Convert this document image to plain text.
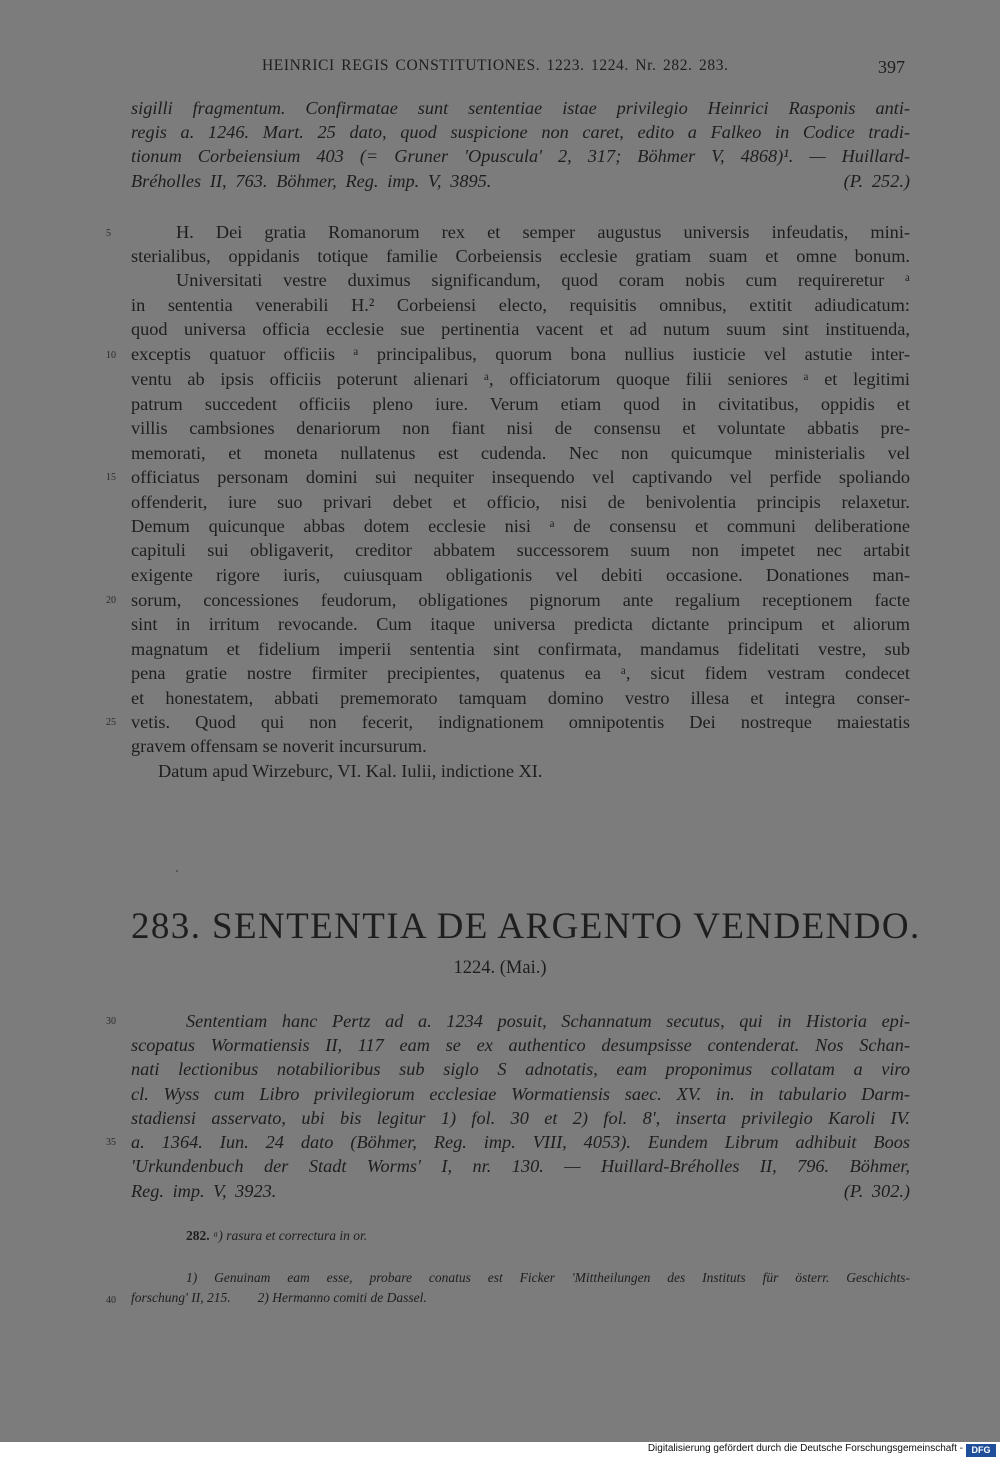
HEINRICI REGIS CONSTITUTIONES. 1223. 1224. Nr. 282. 283.	397
sigilli fragmentum. Confirmatae sunt sententiae istae privilegio Heinrici Rasponis anti-
regis a. 1246. Mart. 25 dato, quod suspicione non caret, edito a Falkeo in Codice tradi-
tionum Corbeiensium 403 (= Gruner 'Opuscula' 2, 317; Böhmer V, 4868)¹. — Huillard-
Bréholles II, 763. Böhmer, Reg. imp. V, 3895.                                        (P. 252.)
H. Dei gratia Romanorum rex et semper augustus universis infeudatis, mini-
sterialibus, oppidanis totique familie Corbeiensis ecclesie gratiam suam et omne bonum.
Universitati vestre duximus significandum, quod coram nobis cum requireretur ᵃ
in sententia venerabili H.² Corbeiensi electo, requisitis omnibus, extitit adiudicatum:
quod universa officia ecclesie sue pertinentia vacent et ad nutum suum sint instituenda,
exceptis quatuor officiis ᵃ principalibus, quorum bona nullius iusticie vel astutie inter-
ventu ab ipsis officiis poterunt alienari ᵃ, officiatorum quoque filii seniores ᵃ et legitimi
patrum succedent officiis pleno iure. Verum etiam quod in civitatibus, oppidis et
villis cambsiones denariorum non fiant nisi de consensu et voluntate abbatis pre-
memorati, et moneta nullatenus est cudenda. Nec non quicumque ministerialis vel
officiatus personam domini sui nequiter insequendo vel captivando vel perfide spoliando
offenderit, iure suo privari debet et officio, nisi de benivolentia principis relaxetur.
Demum quicunque abbas dotem ecclesie nisi ᵃ de consensu et communi deliberatione
capituli sui obligaverit, creditor abbatem successorem suum non impetet nec artabit
exigente rigore iuris, cuiusquam obligationis vel debiti occasione. Donationes man-
sorum, concessiones feudorum, obligationes pignorum ante regalium receptionem facte
sint in irritum revocande. Cum itaque universa predicta dictante principum et aliorum
magnatum et fidelium imperii sententia sint confirmata, mandamus fidelitati vestre, sub
pena gratie nostre firmiter precipientes, quatenus ea ᵃ, sicut fidem vestram condecet
et honestatem, abbati prememorato tamquam domino vestro illesa et integra conser-
vetis. Quod qui non fecerit, indignationem omnipotentis Dei nostreque maiestatis
gravem offensam se noverit incursurum.
Datum apud Wirzeburc, VI. Kal. Iulii, indictione XI.
283. SENTENTIA DE ARGENTO VENDENDO.
1224. (Mai.)
Sententiam hanc Pertz ad a. 1234 posuit, Schannatum secutus, qui in Historia epi-
scopatus Wormatiensis II, 117 eam se ex authentico desumpsisse contenderat. Nos Schan-
nati lectionibus notabilioribus sub siglo S adnotatis, eam proponimus collatam a viro
cl. Wyss cum Libro privilegiorum ecclesiae Wormatiensis saec. XV. in. in tabulario Darm-
stadiensi asservato, ubi bis legitur 1) fol. 30 et 2) fol. 8', inserta privilegio Karoli IV.
a. 1364. Iun. 24 dato (Böhmer, Reg. imp. VIII, 4053). Eundem Librum adhibuit Boos
'Urkundenbuch der Stadt Worms' I, nr. 130. — Huillard-Bréholles II, 796. Böhmer,
Reg. imp. V, 3923.                                                                  (P. 302.)
282. ᵃ) rasura et correctura in or.
1) Genuinam eam esse, probare conatus est Ficker 'Mittheilungen des Instituts für österr. Geschichts-
forschung' II, 215.        2) Hermanno comiti de Dassel.
5
10
15
20
25
30
35
40
Digitalisierung gefördert durch die Deutsche Forschungsgemeinschaft - DFG
